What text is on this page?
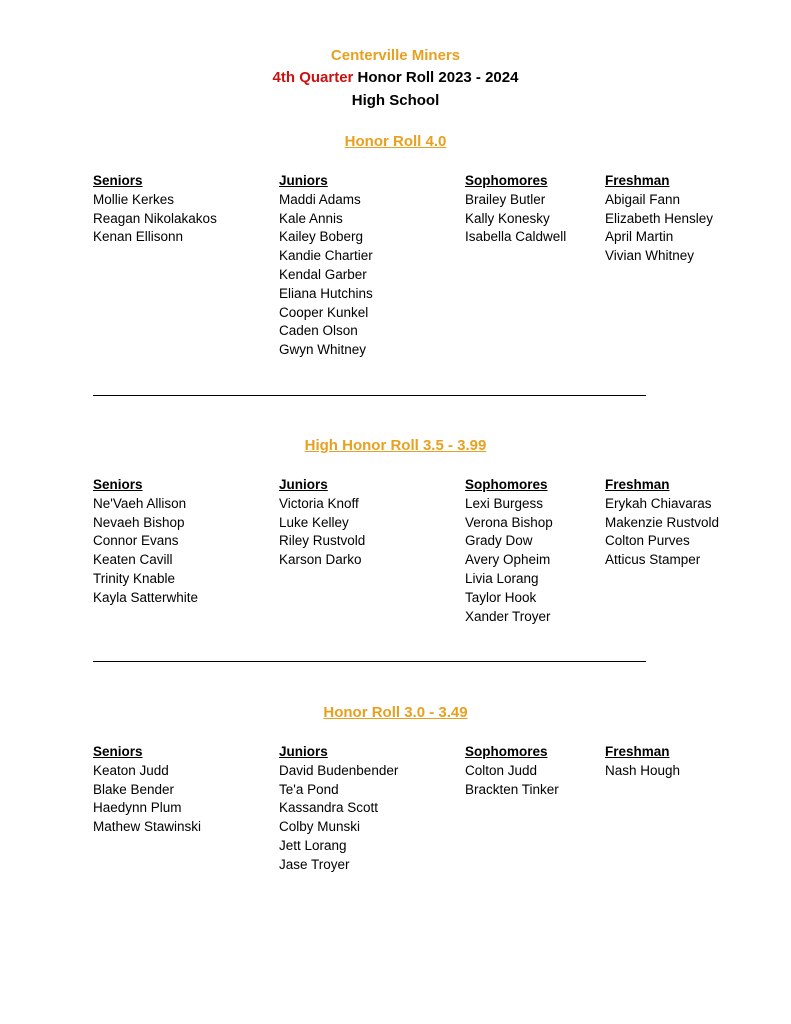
Centerville Miners
4th Quarter Honor Roll 2023 - 2024
High School
Honor Roll 4.0
Seniors
Mollie Kerkes
Reagan Nikolakakos
Kenan Ellisonn
Juniors
Maddi Adams
Kale Annis
Kailey Boberg
Kandie Chartier
Kendal Garber
Eliana Hutchins
Cooper Kunkel
Caden Olson
Gwyn Whitney
Sophomores
Brailey Butler
Kally Konesky
Isabella Caldwell
Freshman
Abigail Fann
Elizabeth Hensley
April Martin
Vivian Whitney
High Honor Roll 3.5 - 3.99
Seniors
Ne'Vaeh Allison
Nevaeh Bishop
Connor Evans
Keaten Cavill
Trinity Knable
Kayla Satterwhite
Juniors
Victoria Knoff
Luke Kelley
Riley Rustvold
Karson Darko
Sophomores
Lexi Burgess
Verona Bishop
Grady Dow
Avery Opheim
Livia Lorang
Taylor Hook
Xander Troyer
Freshman
Erykah Chiavaras
Makenzie Rustvold
Colton Purves
Atticus Stamper
Honor Roll 3.0 - 3.49
Seniors
Keaton Judd
Blake Bender
Haedynn Plum
Mathew Stawinski
Juniors
David Budenbender
Te'a Pond
Kassandra Scott
Colby Munski
Jett Lorang
Jase Troyer
Sophomores
Colton Judd
Brackten Tinker
Freshman
Nash Hough
